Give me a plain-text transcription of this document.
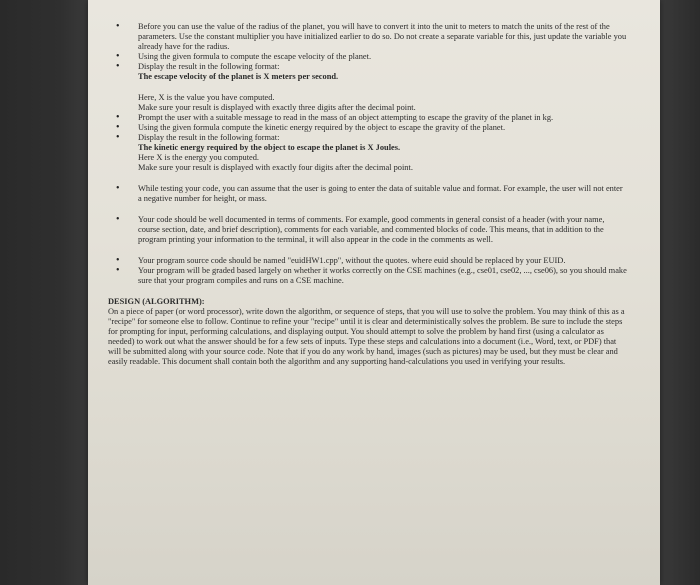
• Before you can use the value of the radius of the planet, you will have to convert it into the unit to meters to match the units of the rest of the parameters. Use the constant multiplier you have initialized earlier to do so. Do not create a separate variable for this, just update the variable you already have for the radius.

• Using the given formula to compute the escape velocity of the planet.

• Display the result in the following format:

The escape velocity of the planet is X meters per second.

Here, X is the value you have computed.

Make sure your result is displayed with exactly three digits after the decimal point.

• Prompt the user with a suitable message to read in the mass of an object attempting to escape the gravity of the planet in kg.

• Using the given formula compute the kinetic energy required by the object to escape the gravity of the planet.

• Display the result in the following format:

The kinetic energy required by the object to escape the planet is X Joules.

Here X is the energy you computed.

Make sure your result is displayed with exactly four digits after the decimal point.

• While testing your code, you can assume that the user is going to enter the data of suitable value and format. For example, the user will not enter a negative number for height, or mass.

• Your code should be well documented in terms of comments. For example, good comments in general consist of a header (with your name, course section, date, and brief description), comments for each variable, and commented blocks of code. This means, that in addition to the program printing your information to the terminal, it will also appear in the code in the comments as well.

• Your program source code should be named "euidHW1.cpp", without the quotes. where euid should be replaced by your EUID.

• Your program will be graded based largely on whether it works correctly on the CSE machines (e.g., cse01, cse02, ..., cse06), so you should make sure that your program compiles and runs on a CSE machine.

DESIGN (ALGORITHM):

On a piece of paper (or word processor), write down the algorithm, or sequence of steps, that you will use to solve the problem. You may think of this as a "recipe" for someone else to follow. Continue to refine your "recipe" until it is clear and deterministically solves the problem. Be sure to include the steps for prompting for input, performing calculations, and displaying output. You should attempt to solve the problem by hand first (using a calculator as needed) to work out what the answer should be for a few sets of inputs. Type these steps and calculations into a document (i.e., Word, text, or PDF) that will be submitted along with your source code. Note that if you do any work by hand, images (such as pictures) may be used, but they must be clear and easily readable. This document shall contain both the algorithm and any supporting hand-calculations you used in verifying your results.
